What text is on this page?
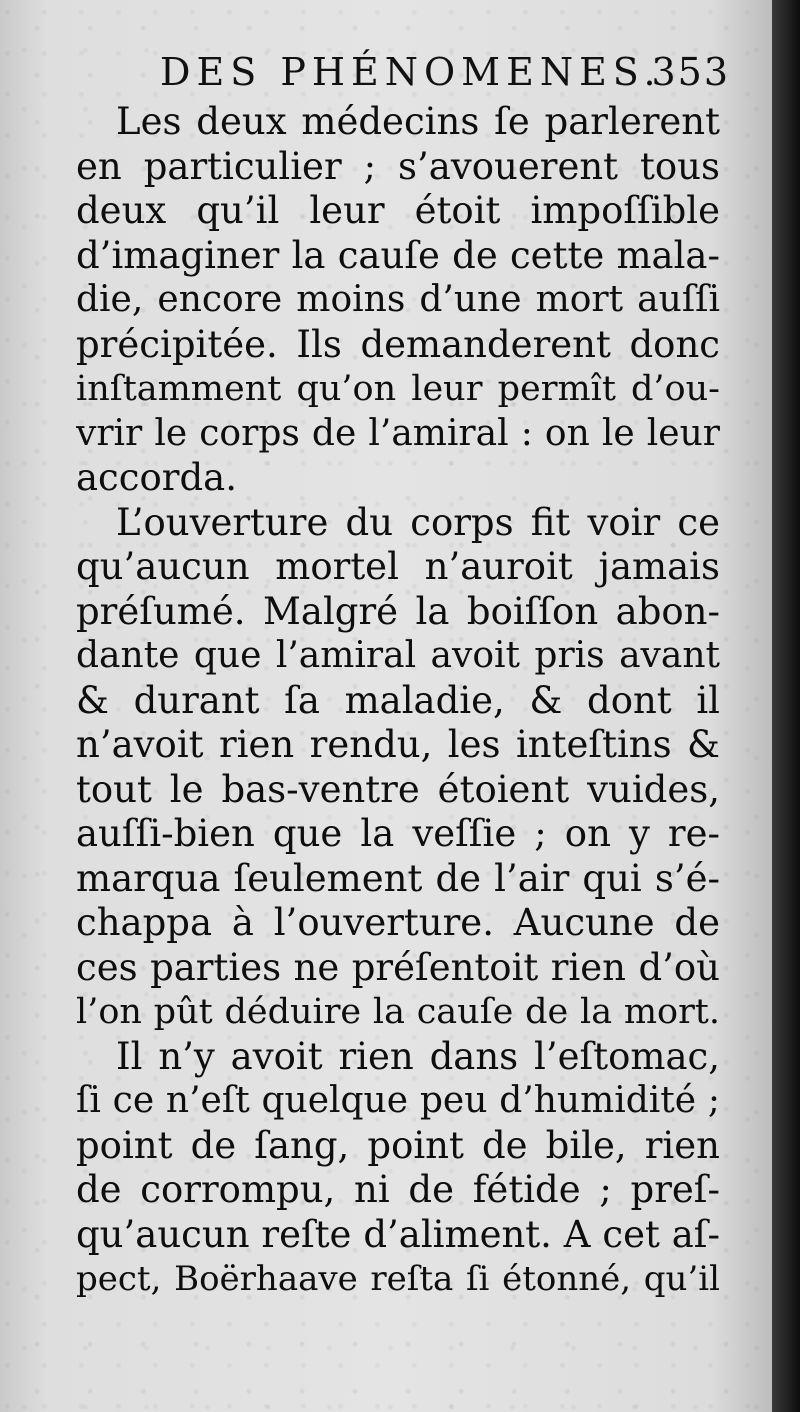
DES PHÉNOMENES.
353
Les deux médecins ſe parlerent
en particulier ; s’avouerent tous
deux qu’il leur étoit impoſſible
d’imaginer la cauſe de cette mala-
die, encore moins d’une mort auſſi
précipitée. Ils demanderent donc
inſtamment qu’on leur permît d’ou-
vrir le corps de l’amiral : on le leur
accorda.
L’ouverture du corps fit voir ce
qu’aucun mortel n’auroit jamais
préſumé. Malgré la boiſſon abon-
dante que l’amiral avoit pris avant
& durant ſa maladie, & dont il
n’avoit rien rendu, les inteſtins &
tout le bas-ventre étoient vuides,
auſſi-bien que la veſſie ; on y re-
marqua ſeulement de l’air qui s’é-
chappa à l’ouverture. Aucune de
ces parties ne préſentoit rien d’où
l’on pût déduire la cauſe de la mort.
Il n’y avoit rien dans l’eſtomac,
ſi ce n’eſt quelque peu d’humidité ;
point de ſang, point de bile, rien
de corrompu, ni de fétide ; preſ-
qu’aucun reſte d’aliment. A cet aſ-
pect, Boërhaave reſta ſi étonné, qu’il
